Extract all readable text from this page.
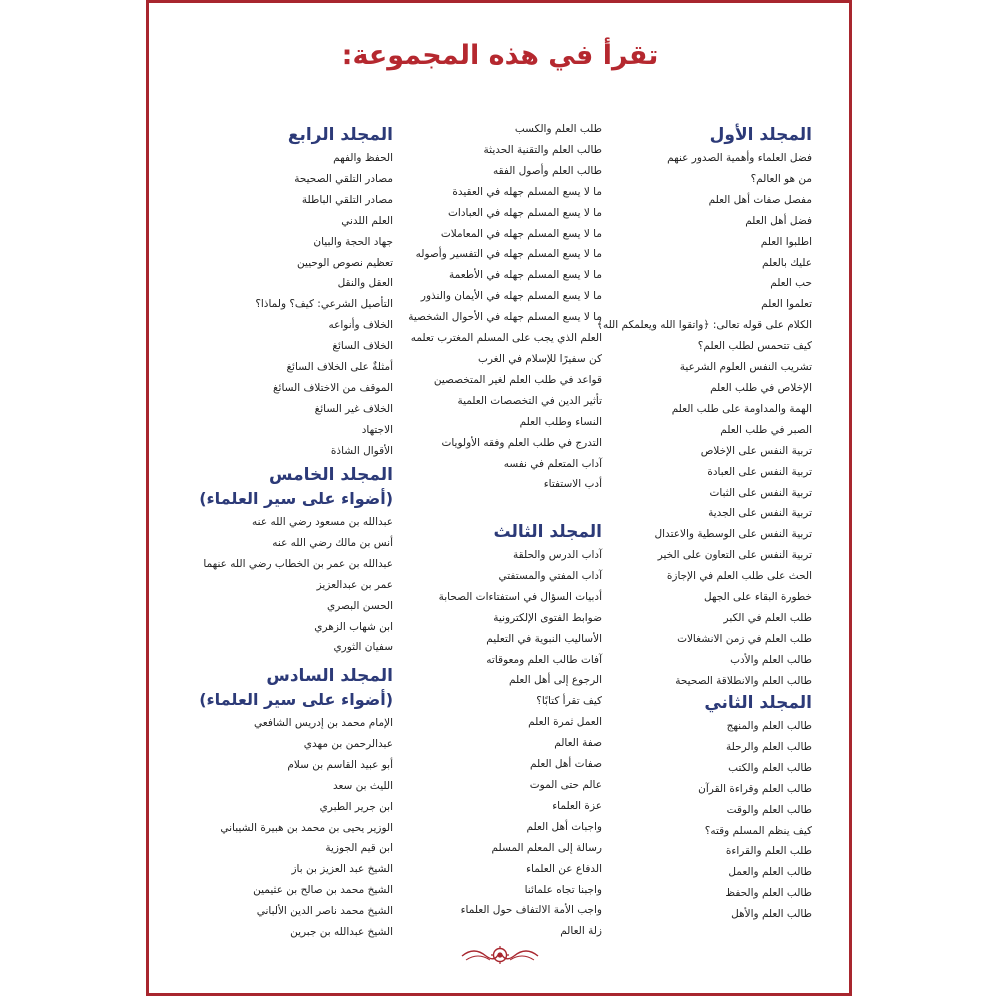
تقرأ في هذه المجموعة:
المجلد الأول
فضل العلماء وأهمية الصدور عنهم
من هو العالم؟
مفصل صفات أهل العلم
فضل أهل العلم
اطلبوا العلم
عليك بالعلم
حب العلم
تعلموا العلم
الكلام على قوله تعالى: ﴿واتقوا الله ويعلمكم الله﴾
كيف تتحمس لطلب العلم؟
تشريب النفس العلوم الشرعية
الإخلاص في طلب العلم
الهمة والمداومة على طلب العلم
الصبر في طلب العلم
تربية النفس على الإخلاص
تربية النفس على العبادة
تربية النفس على الثبات
تربية النفس على الجدية
تربية النفس على الوسطية والاعتدال
تربية النفس على التعاون على الخير
الحث على طلب العلم في الإجازة
خطورة البقاء على الجهل
طلب العلم في الكبر
طلب العلم في زمن الانشغالات
طالب العلم والأدب
طالب العلم والانطلاقة الصحيحة
المجلد الثاني
طالب العلم والمنهج
طالب العلم والرحلة
طالب العلم والكتب
طالب العلم وقراءة القرآن
طالب العلم والوقت
كيف ينظم المسلم وقته؟
طلب العلم والقراءة
طالب العلم والعمل
طالب العلم والحفظ
طالب العلم والأهل
طلب العلم والكسب
طالب العلم والتقنية الحديثة
طالب العلم وأصول الفقه
ما لا يسع المسلم جهله في العقيدة
ما لا يسع المسلم جهله في العبادات
ما لا يسع المسلم جهله في المعاملات
ما لا يسع المسلم جهله في التفسير وأصوله
ما لا يسع المسلم جهله في الأطعمة
ما لا يسع المسلم جهله في الأيمان والنذور
ما لا يسع المسلم جهله في الأحوال الشخصية
العلم الذي يجب على المسلم المغترب تعلمه
كن سفيرًا للإسلام في الغرب
قواعد في طلب العلم لغير المتخصصين
تأثير الدين في التخصصات العلمية
النساء وطلب العلم
التدرج في طلب العلم وفقه الأولويات
آداب المتعلم في نفسه
أدب الاستفتاء
المجلد الثالث
آداب الدرس والحلقة
آداب المفتي والمستفتي
أدبيات السؤال في استفتاءات الصحابة
ضوابط الفتوى الإلكترونية
الأساليب النبوية في التعليم
آفات طالب العلم ومعوقاته
الرجوع إلى أهل العلم
كيف تقرأ كتابًا؟
العمل ثمرة العلم
صفة العالم
صفات أهل العلم
عالم حتى الموت
عزة العلماء
واجبات أهل العلم
رسالة إلى المعلم المسلم
الدفاع عن العلماء
واجبنا تجاه علمائنا
واجب الأمة الالتفاف حول العلماء
زلة العالم
المجلد الرابع
الحفظ والفهم
مصادر التلقي الصحيحة
مصادر التلقي الباطلة
العلم اللدني
جهاد الحجة والبيان
تعظيم نصوص الوحيين
العقل والنقل
التأصيل الشرعي: كيف؟ ولماذا؟
الخلاف وأنواعه
الخلاف السائغ
أمثلةٌ على الخلاف السائغ
الموقف من الاختلاف السائغ
الخلاف غير السائغ
الاجتهاد
الأقوال الشاذة
المجلد الخامس
(أضواء على سير العلماء)
عبدالله بن مسعود رضي الله عنه
أنس بن مالك رضي الله عنه
عبدالله بن عمر بن الخطاب رضي الله عنهما
عمر بن عبدالعزيز
الحسن البصري
ابن شهاب الزهري
سفيان الثوري
المجلد السادس
(أضواء على سير العلماء)
الإمام محمد بن إدريس الشافعي
عبدالرحمن بن مهدي
أبو عبيد القاسم بن سلام
الليث بن سعد
ابن جرير الطبري
الوزير يحيى بن محمد بن هبيرة الشيباني
ابن قيم الجوزية
الشيخ عبد العزيز بن باز
الشيخ محمد بن صالح بن عثيمين
الشيخ محمد ناصر الدين الألباني
الشيخ عبدالله بن جبرين
